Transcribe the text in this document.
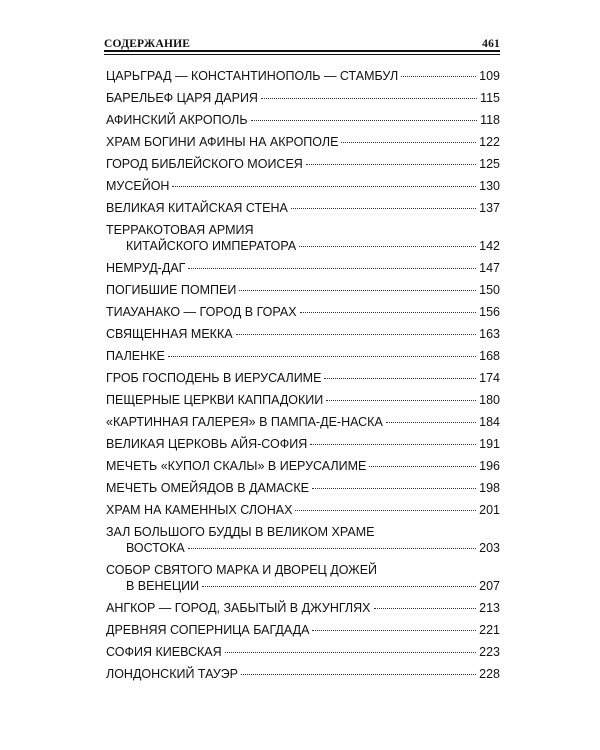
СОДЕРЖАНИЕ	461
ЦАРЬГРАД — КОНСТАНТИНОПОЛЬ — СТАМБУЛ	109
БАРЕЛЬЕФ ЦАРЯ ДАРИЯ	115
АФИНСКИЙ АКРОПОЛЬ	118
ХРАМ БОГИНИ АФИНЫ НА АКРОПОЛЕ	122
ГОРОД БИБЛЕЙСКОГО МОИСЕЯ	125
МУСЕЙОН	130
ВЕЛИКАЯ КИТАЙСКАЯ СТЕНА	137
ТЕРРАКОТОВАЯ АРМИЯ
КИТАЙСКОГО ИМПЕРАТОРА	142
НЕМРУД-ДАГ	147
ПОГИБШИЕ ПОМПЕИ	150
ТИАУАНАКО — ГОРОД В ГОРАХ	156
СВЯЩЕННАЯ МЕККА	163
ПАЛЕНКЕ	168
ГРОБ ГОСПОДЕНЬ В ИЕРУСАЛИМЕ	174
ПЕЩЕРНЫЕ ЦЕРКВИ КАППАДОКИИ	180
«КАРТИННАЯ ГАЛЕРЕЯ» В ПАМПА-ДЕ-НАСКА	184
ВЕЛИКАЯ ЦЕРКОВЬ АЙЯ-СОФИЯ	191
МЕЧЕТЬ «КУПОЛ СКАЛЫ» В ИЕРУСАЛИМЕ	196
МЕЧЕТЬ ОМЕЙЯДОВ В ДАМАСКЕ	198
ХРАМ НА КАМЕННЫХ СЛОНАХ	201
ЗАЛ БОЛЬШОГО БУДДЫ В ВЕЛИКОМ ХРАМЕ
ВОСТОКА	203
СОБОР СВЯТОГО МАРКА И ДВОРЕЦ ДОЖЕЙ
В ВЕНЕЦИИ	207
АНГКОР — ГОРОД, ЗАБЫТЫЙ В ДЖУНГЛЯХ	213
ДРЕВНЯЯ СОПЕРНИЦА БАГДАДА	221
СОФИЯ КИЕВСКАЯ	223
ЛОНДОНСКИЙ ТАУЭР	228
